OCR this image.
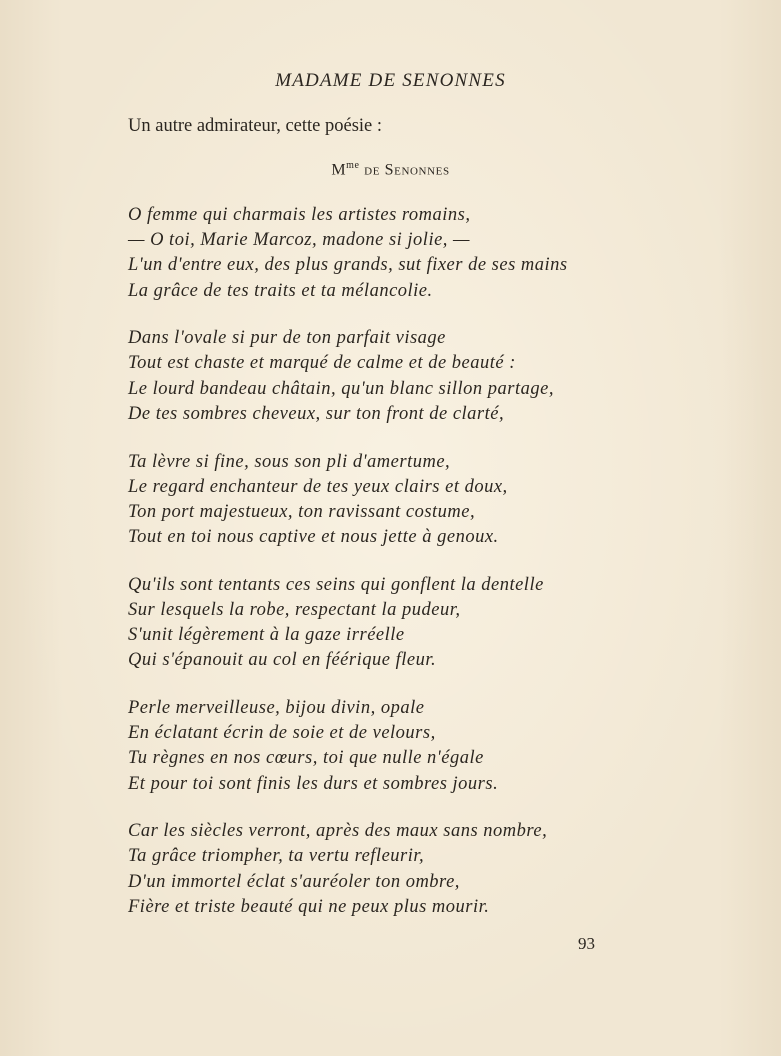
MADAME DE SENONNES
Un autre admirateur, cette poésie :
$M^{me}$ de Senonnes
O femme qui charmais les artistes romains,
— O toi, Marie Marcoz, madone si jolie, —
L'un d'entre eux, des plus grands, sut fixer de ses mains
La grâce de tes traits et ta mélancolie.
Dans l'ovale si pur de ton parfait visage
Tout est chaste et marqué de calme et de beauté :
Le lourd bandeau châtain, qu'un blanc sillon partage,
De tes sombres cheveux, sur ton front de clarté,
Ta lèvre si fine, sous son pli d'amertume,
Le regard enchanteur de tes yeux clairs et doux,
Ton port majestueux, ton ravissant costume,
Tout en toi nous captive et nous jette à genoux.
Qu'ils sont tentants ces seins qui gonflent la dentelle
Sur lesquels la robe, respectant la pudeur,
S'unit légèrement à la gaze irréelle
Qui s'épanouit au col en féérique fleur.
Perle merveilleuse, bijou divin, opale
En éclatant écrin de soie et de velours,
Tu règnes en nos cœurs, toi que nulle n'égale
Et pour toi sont finis les durs et sombres jours.
Car les siècles verront, après des maux sans nombre,
Ta grâce triompher, ta vertu refleurir,
D'un immortel éclat s'auréoler ton ombre,
Fière et triste beauté qui ne peux plus mourir.
93
